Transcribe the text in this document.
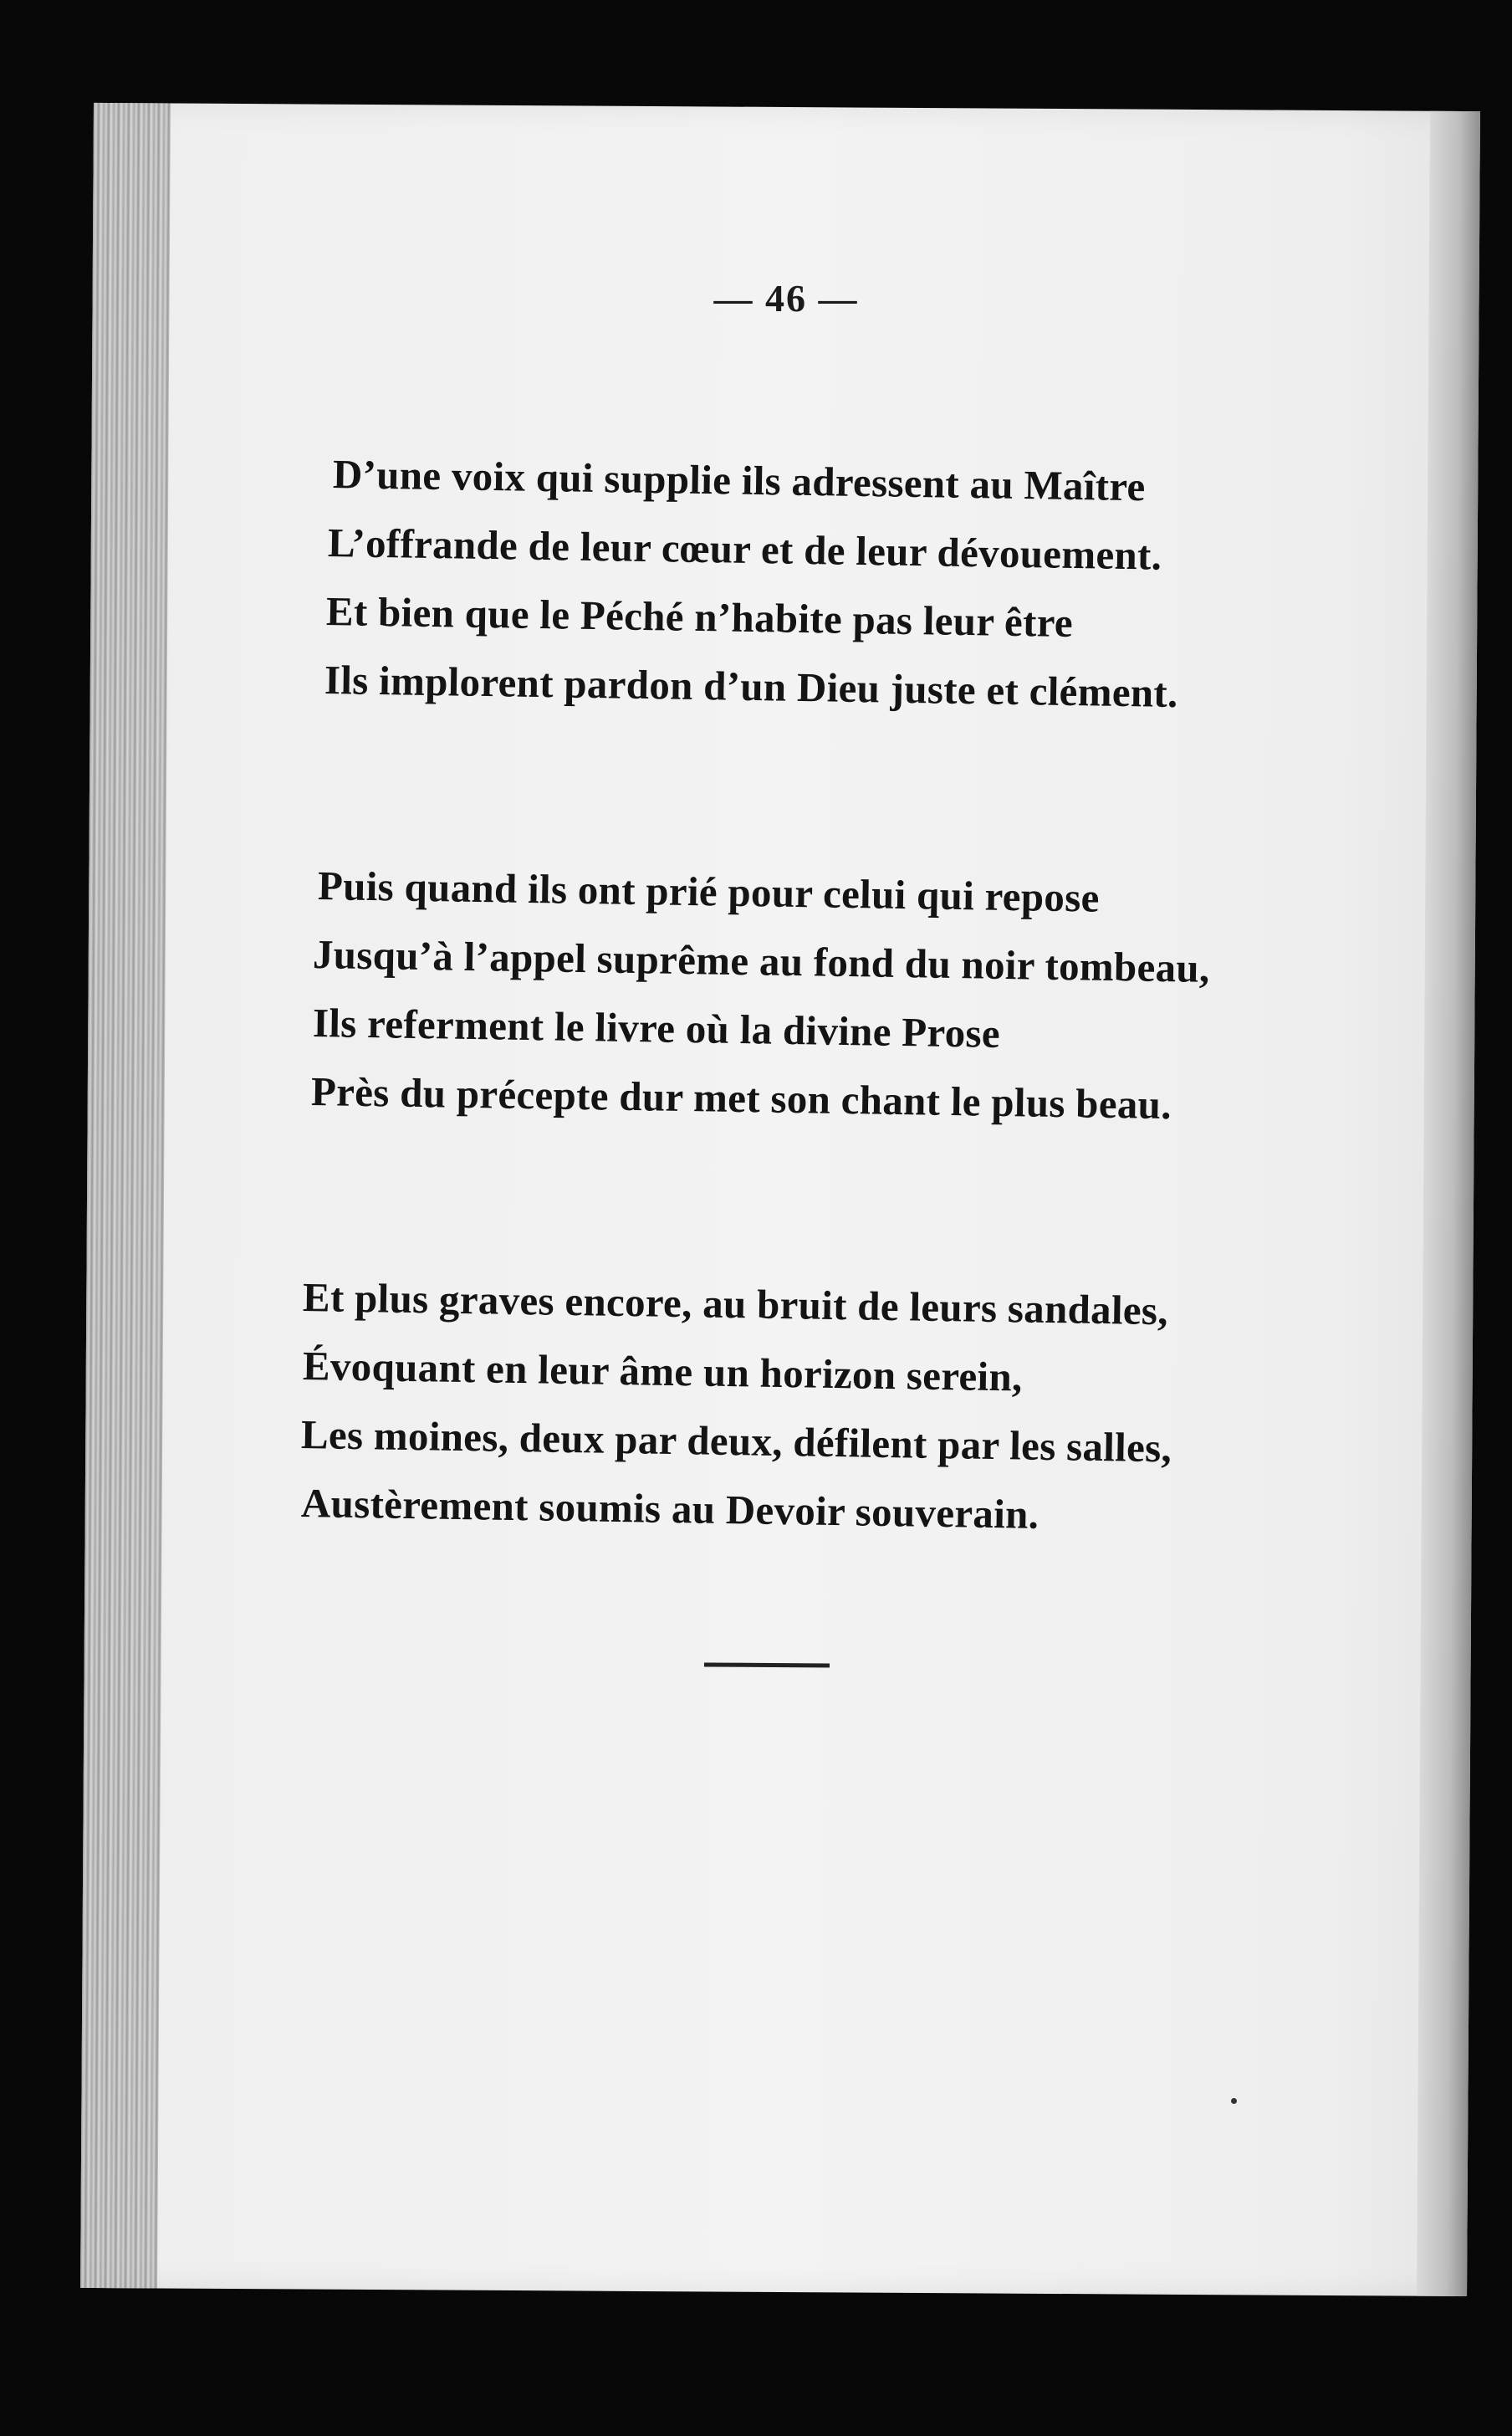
— 46 —
D’une voix qui supplie ils adressent au Maître
L’offrande de leur cœur et de leur dévouement.
Et bien que le Péché n’habite pas leur être
Ils implorent pardon d’un Dieu juste et clément.
Puis quand ils ont prié pour celui qui repose
Jusqu’à l’appel suprême au fond du noir tombeau,
Ils referment le livre où la divine Prose
Près du précepte dur met son chant le plus beau.
Et plus graves encore, au bruit de leurs sandales,
Évoquant en leur âme un horizon serein,
Les moines, deux par deux, défilent par les salles,
Austèrement soumis au Devoir souverain.
